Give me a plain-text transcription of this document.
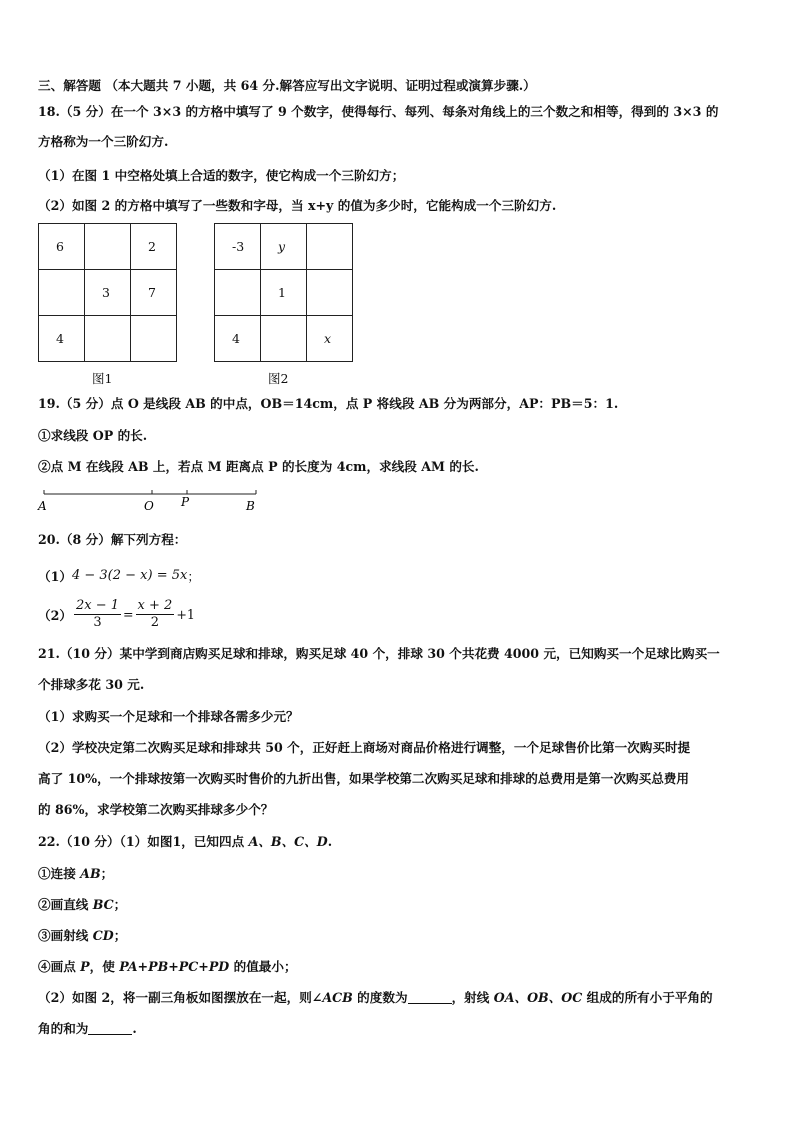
三、解答题 （本大题共 7 小题，共 64 分.解答应写出文字说明、证明过程或演算步骤.）
18.（5 分）在一个 3×3 的方格中填写了 9 个数字，使得每行、每列、每条对角线上的三个数之和相等，得到的 3×3 的
方格称为一个三阶幻方.
（1）在图 1 中空格处填上合适的数字，使它构成一个三阶幻方；
（2）如图 2 的方格中填写了一些数和字母，当 x+y 的值为多少时，它能构成一个三阶幻方.
6		2
	3	7
4		
图1
-3	y	
	1	
4		x
图2
19.（5 分）点 O 是线段 AB 的中点，OB＝14cm，点 P 将线段 AB 分为两部分，AP：PB＝5：1.
①求线段 OP 的长.
②点 M 在线段 AB 上，若点 M 距离点 P 的长度为 4cm，求线段 AM 的长.
A	O P	B
20.（8 分）解下列方程：
（1） 4 − 3(2 − x) = 5x ；
$(2) \frac{2x - 1}{3} = \frac{x + 2}{2} +1$
21.（10 分）某中学到商店购买足球和排球，购买足球 40 个，排球 30 个共花费 4000 元，已知购买一个足球比购买一
个排球多花 30 元.
（1）求购买一个足球和一个排球各需多少元？
（2）学校决定第二次购买足球和排球共 50 个，正好赶上商场对商品价格进行调整，一个足球售价比第一次购买时提
高了 10%，一个排球按第一次购买时售价的九折出售，如果学校第二次购买足球和排球的总费用是第一次购买总费用
的 86%，求学校第二次购买排球多少个？
22.（10 分）（1）如图1，已知四点 A、B、C、D.
①连接 AB；
②画直线 BC；
③画射线 CD；
④画点 P，使 PA+PB+PC+PD 的值最小；
（2）如图 2，将一副三角板如图摆放在一起，则∠ACB 的度数为	，射线 OA、OB、OC 组成的所有小于平角的
角的和为	.
